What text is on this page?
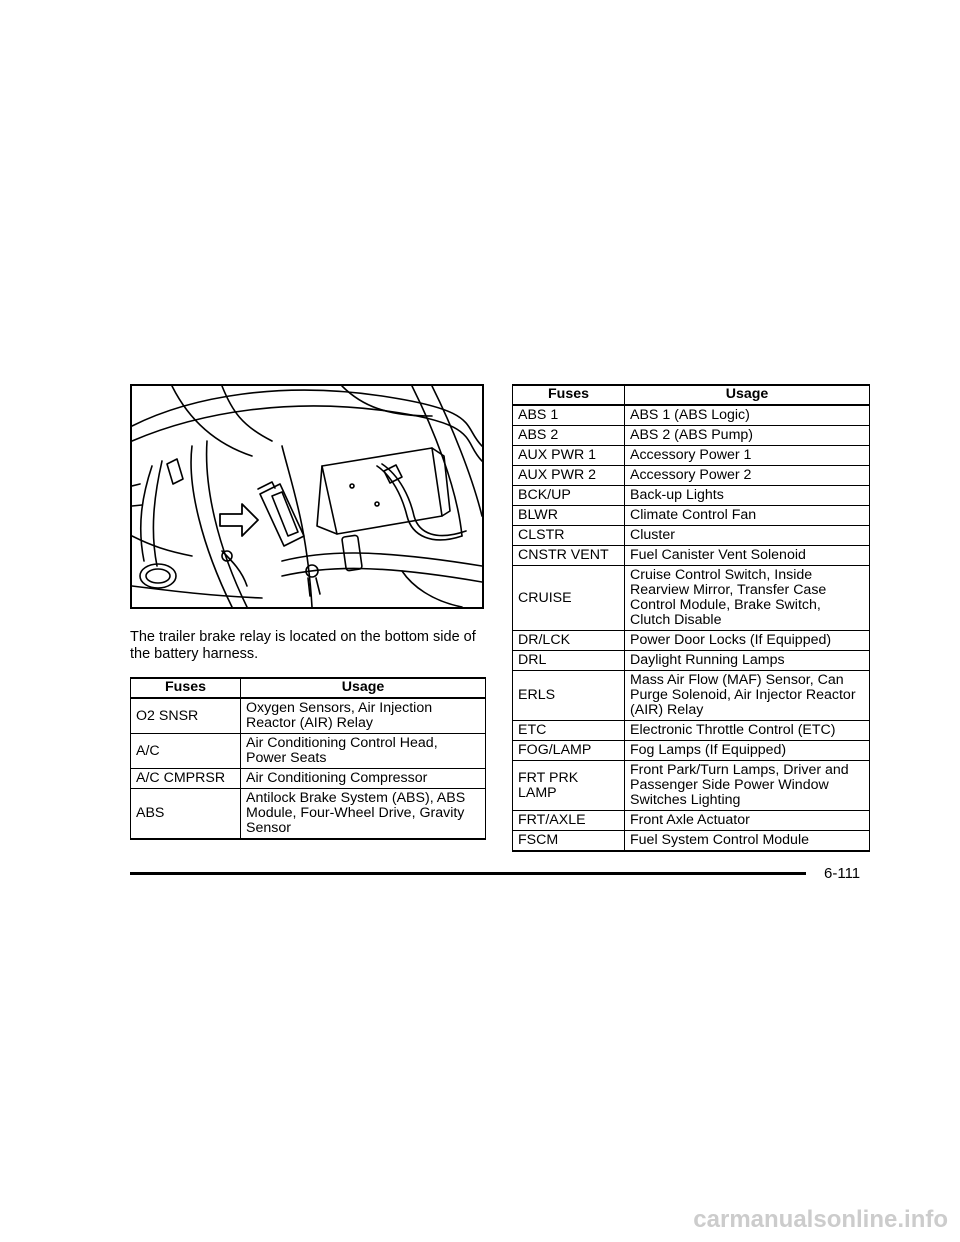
The trailer brake relay is located on the bottom side of the battery harness.
Fuses	Usage
O2 SNSR	Oxygen Sensors, Air Injection Reactor (AIR) Relay
A/C	Air Conditioning Control Head, Power Seats
A/C CMPRSR	Air Conditioning Compressor
ABS	Antilock Brake System (ABS), ABS Module, Four-Wheel Drive, Gravity Sensor
Fuses	Usage
ABS 1	ABS 1 (ABS Logic)
ABS 2	ABS 2 (ABS Pump)
AUX PWR 1	Accessory Power 1
AUX PWR 2	Accessory Power 2
BCK/UP	Back-up Lights
BLWR	Climate Control Fan
CLSTR	Cluster
CNSTR VENT	Fuel Canister Vent Solenoid
CRUISE	Cruise Control Switch, Inside Rearview Mirror, Transfer Case Control Module, Brake Switch, Clutch Disable
DR/LCK	Power Door Locks (If Equipped)
DRL	Daylight Running Lamps
ERLS	Mass Air Flow (MAF) Sensor, Can Purge Solenoid, Air Injector Reactor (AIR) Relay
ETC	Electronic Throttle Control (ETC)
FOG/LAMP	Fog Lamps (If Equipped)
FRT PRK LAMP	Front Park/Turn Lamps, Driver and Passenger Side Power Window Switches Lighting
FRT/AXLE	Front Axle Actuator
FSCM	Fuel System Control Module
6-111
carmanualsonline.info
